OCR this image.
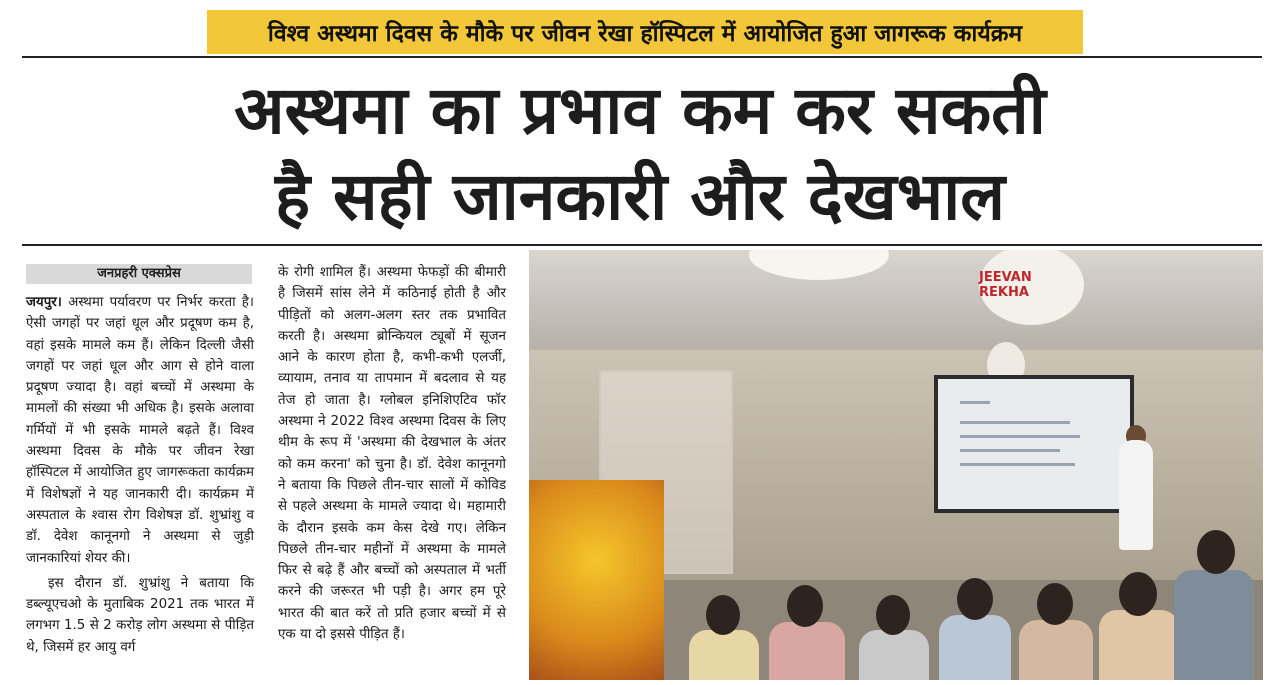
विश्व अस्थमा दिवस के मौके पर जीवन रेखा हॉस्पिटल में आयोजित हुआ जागरूक कार्यक्रम
अस्थमा का प्रभाव कम कर सकती
है सही जानकारी और देखभाल
जनप्रहरी एक्सप्रेस

जयपुर। अस्थमा पर्यावरण पर निर्भर करता है। ऐसी जगहों पर जहां धूल और प्रदूषण कम है, वहां इसके मामले कम हैं। लेकिन दिल्ली जैसी जगहों पर जहां धूल और आग से होने वाला प्रदूषण ज्यादा है। वहां बच्चों में अस्थमा के मामलों की संख्या भी अधिक है। इसके अलावा गर्मियों में भी इसके मामले बढ़ते हैं। विश्व अस्थमा दिवस के मौके पर जीवन रेखा हॉस्पिटल में आयोजित हुए जागरूकता कार्यक्रम में विशेषज्ञों ने यह जानकारी दी। कार्यक्रम में अस्पताल के श्वास रोग विशेषज्ञ डॉ. शुभ्रांशु व डॉ. देवेश कानूनगो ने अस्थमा से जुड़ी जानकारियां शेयर की।

इस दौरान डॉ. शुभ्रांशु ने बताया कि डब्ल्यूएचओ के मुताबिक 2021 तक भारत में लगभग 1.5 से 2 करोड़ लोग अस्थमा से पीड़ित थे, जिसमें हर आयु वर्ग

के रोगी शामिल हैं। अस्थमा फेफड़ों की बीमारी है जिसमें सांस लेने में कठिनाई होती है और पीड़ितों को अलग-अलग स्तर तक प्रभावित करती है। अस्थमा ब्रोन्कियल ट्यूबों में सूजन आने के कारण होता है, कभी-कभी एलर्जी, व्यायाम, तनाव या तापमान में बदलाव से यह तेज हो जाता है। ग्लोबल इनिशिएटिव फॉर अस्थमा ने 2022 विश्व अस्थमा दिवस के लिए थीम के रूप में 'अस्थमा की देखभाल के अंतर को कम करना' को चुना है। डॉ. देवेश कानूनगो ने बताया कि पिछले तीन-चार सालों में कोविड से पहले अस्थमा के मामले ज्यादा थे। महामारी के दौरान इसके कम केस देखे गए। लेकिन पिछले तीन-चार महीनों में अस्थमा के मामले फिर से बढ़े हैं और बच्चों को अस्पताल में भर्ती करने की जरूरत भी पड़ी है। अगर हम पूरे भारत की बात करें तो प्रति हजार बच्चों में से एक या दो इससे पीड़ित हैं।

JEEVAN REKHA
